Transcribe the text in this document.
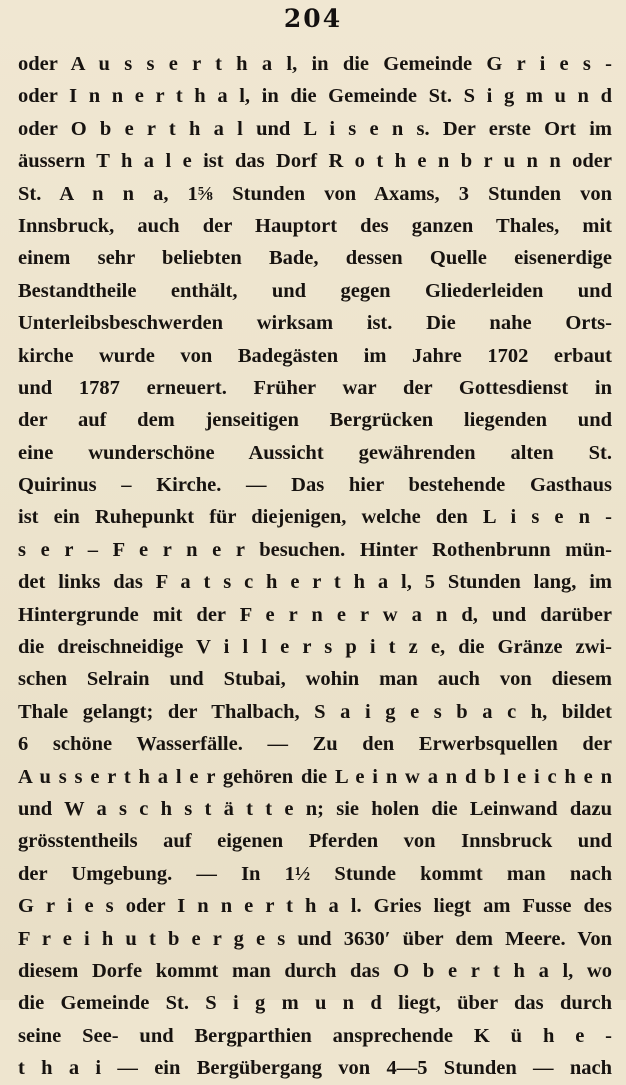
204
oder A u s s e r t h a l, in die Gemeinde G r i e s -
oder I n n e r t h a l, in die Gemeinde St. S i g m u n d
oder O b e r t h a l und L i s e n s. Der erste Ort im
äussern T h a l e ist das Dorf R o t h e n b r u n n oder
St. A n n a, 1⅝ Stunden von Axams, 3 Stunden von
Innsbruck, auch der Hauptort des ganzen Thales, mit
einem sehr beliebten Bade, dessen Quelle eisenerdige
Bestandtheile enthält, und gegen Gliederleiden und
Unterleibsbeschwerden wirksam ist. Die nahe Orts-
kirche wurde von Badegästen im Jahre 1702 erbaut
und 1787 erneuert. Früher war der Gottesdienst in
der auf dem jenseitigen Bergrücken liegenden und
eine wunderschöne Aussicht gewährenden alten St.
Quirinus – Kirche. — Das hier bestehende Gasthaus
ist ein Ruhepunkt für diejenigen, welche den L i s e n -
s e r – F e r n e r besuchen. Hinter Rothenbrunn mün-
det links das F a t s c h e r t h a l, 5 Stunden lang, im
Hintergrunde mit der F e r n e r w a n d, und darüber
die dreischneidige V i l l e r s p i t z e, die Gränze zwi-
schen Selrain und Stubai, wohin man auch von diesem
Thale gelangt; der Thalbach, S a i g e s b a c h, bildet
6 schöne Wasserfälle. — Zu den Erwerbsquellen der
A u s s e r t h a l e r gehören die L e i n w a n d b l e i c h e n
und W a s c h s t ä t t e n; sie holen die Leinwand dazu
grösstentheils auf eigenen Pferden von Innsbruck und
der Umgebung. — In 1½ Stunde kommt man nach
G r i e s oder I n n e r t h a l. Gries liegt am Fusse des
F r e i h u t b e r g e s und 3630′ über dem Meere. Von
diesem Dorfe kommt man durch das O b e r t h a l, wo
die Gemeinde St. S i g m u n d liegt, über das durch
seine See- und Bergparthien ansprechende K ü h e -
t h a i — ein Bergübergang von 4—5 Stunden — nach
